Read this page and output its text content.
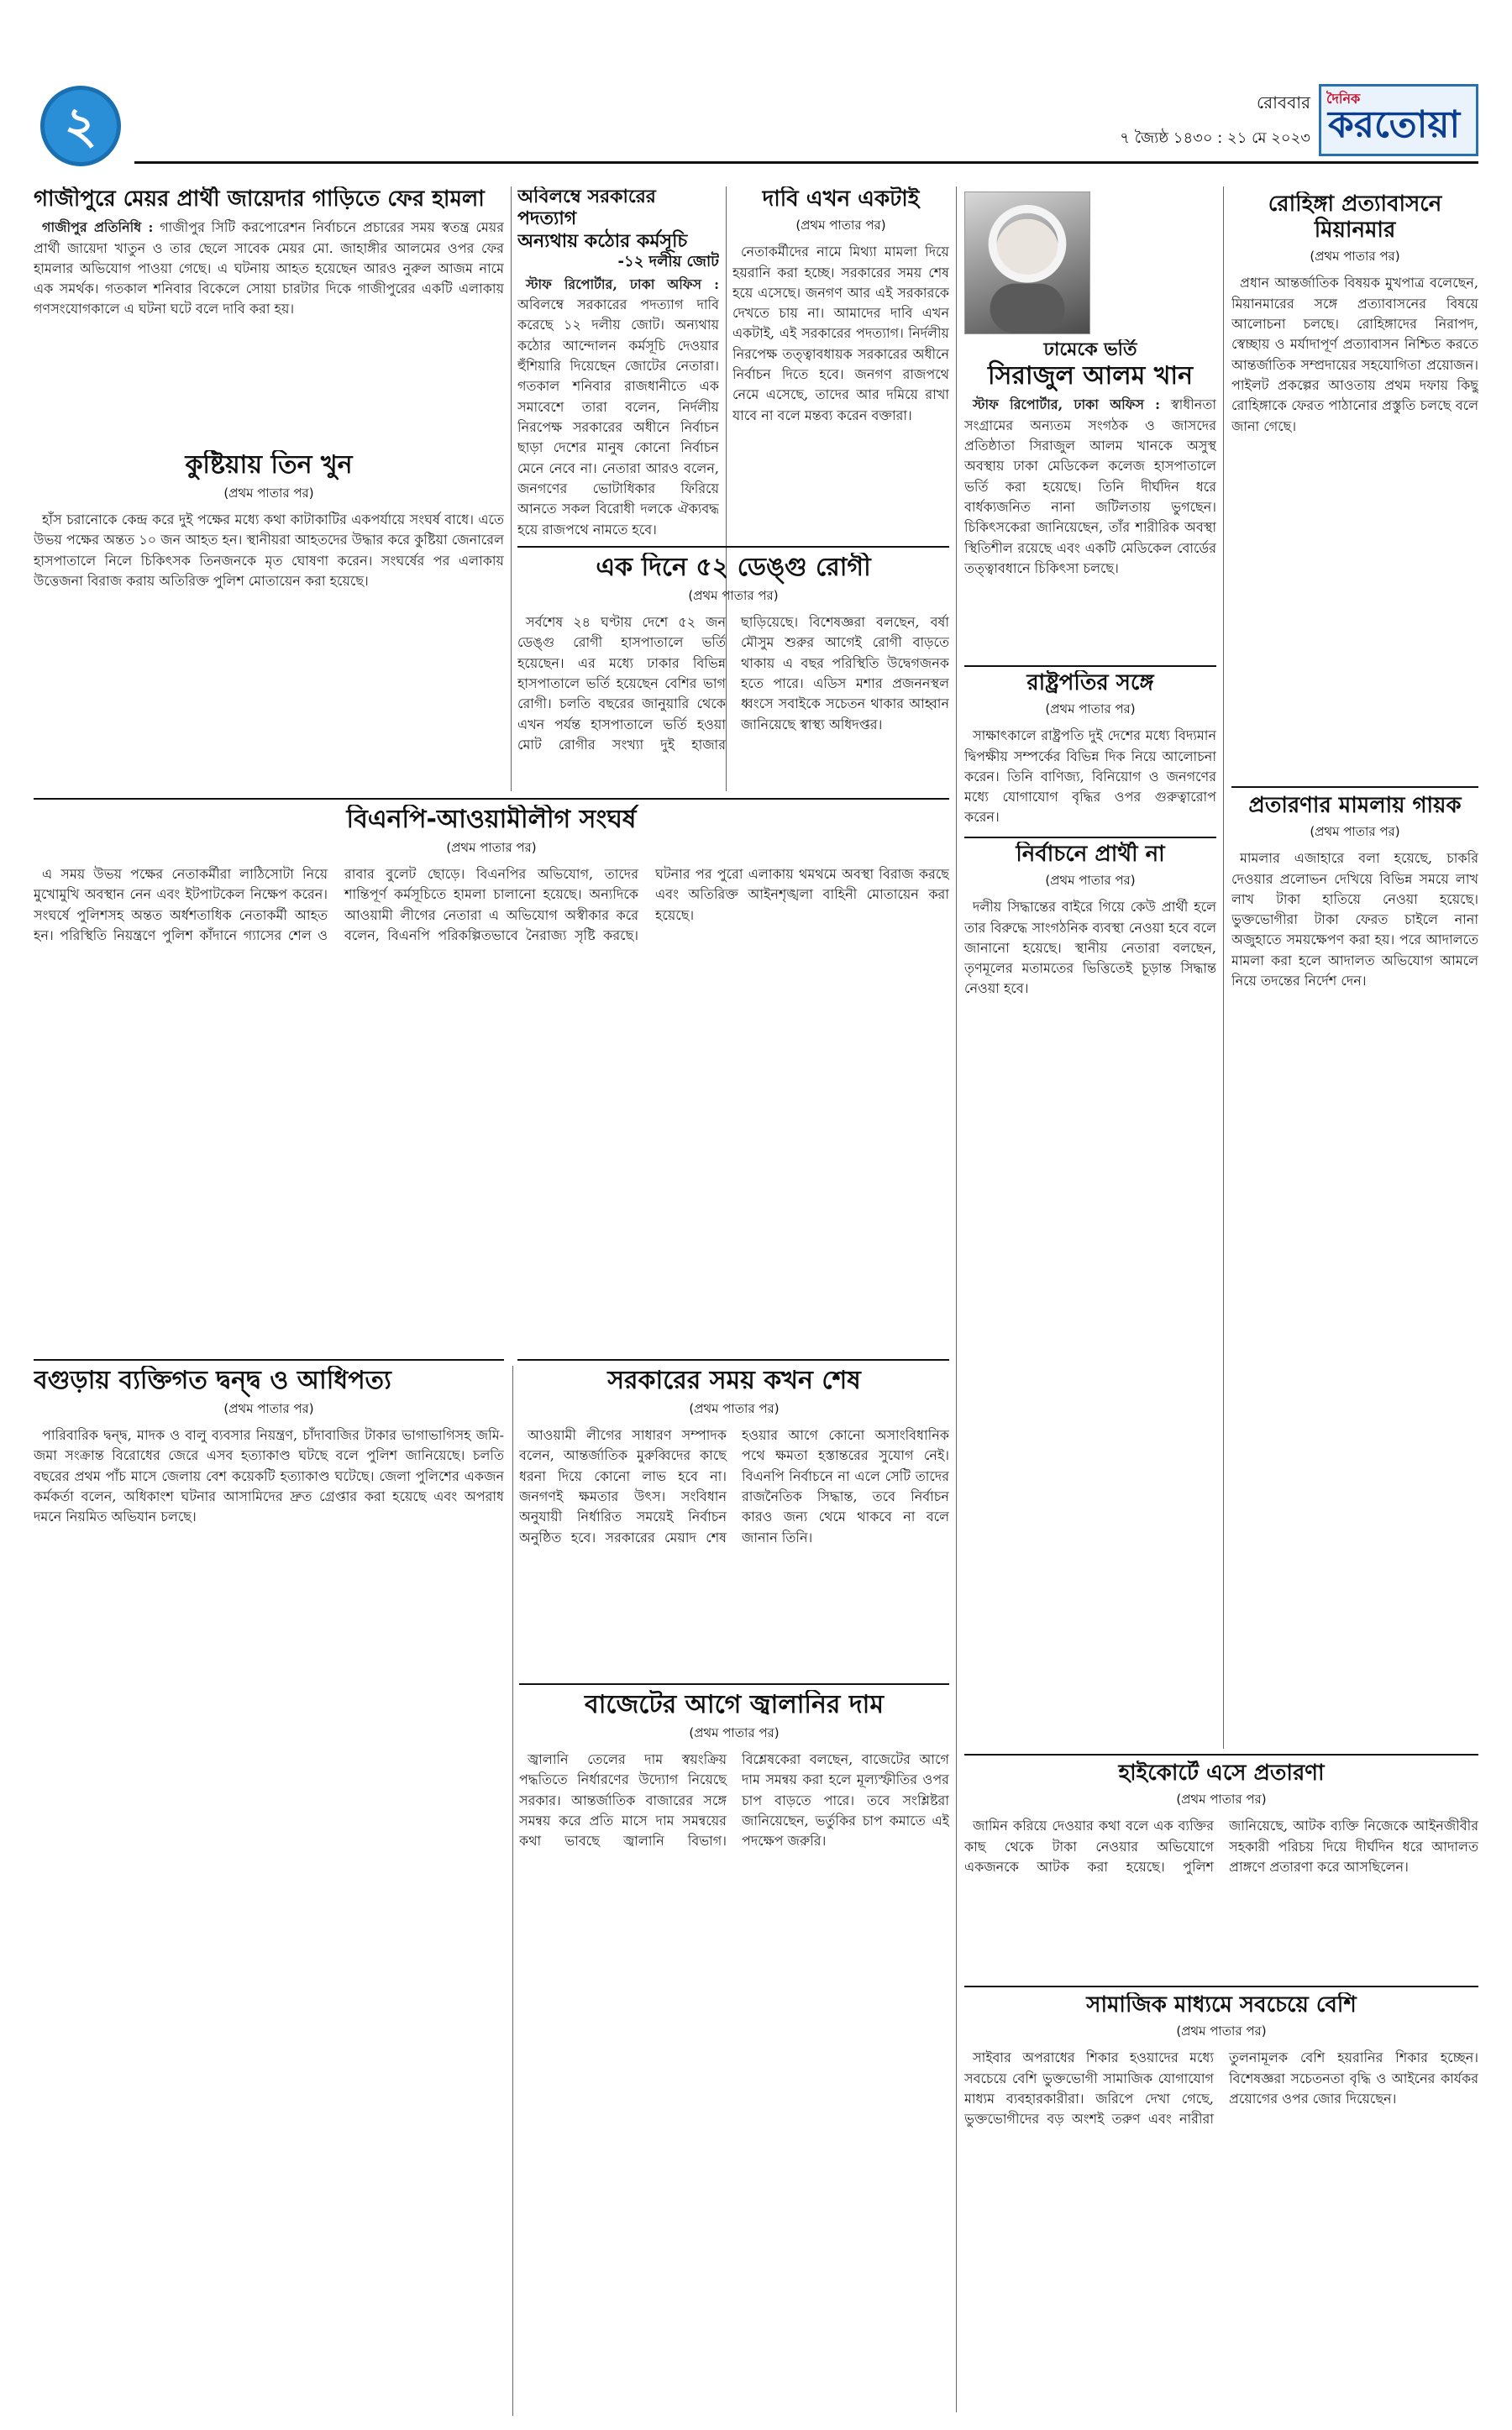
২	রোববার
৭ জ্যৈষ্ঠ ১৪৩০ : ২১ মে ২০২৩
দৈনিক
করতোয়া
গাজীপুরে মেয়র প্রার্থী জায়েদার গাড়িতে ফের হামলা

গাজীপুর প্রতিনিধি : গাজীপুর সিটি করপোরেশন নির্বাচনে প্রচারের সময় স্বতন্ত্র মেয়র প্রার্থী জায়েদা খাতুন ও তার ছেলে সাবেক মেয়র মো. জাহাঙ্গীর আলমের ওপর ফের হামলার অভিযোগ পাওয়া গেছে। এ ঘটনায় আহত হয়েছেন আরও নুরুল আজম নামে এক সমর্থক। গতকাল শনিবার বিকেলে সোয়া চারটার দিকে গাজীপুরের একটি এলাকায় গণসংযোগকালে এ ঘটনা ঘটে বলে দাবি করা হয়।

কুষ্টিয়ায় তিন খুন
(প্রথম পাতার পর)

হাঁস চরানোকে কেন্দ্র করে দুই পক্ষের মধ্যে কথা কাটাকাটির একপর্যায়ে সংঘর্ষ বাধে। এতে উভয় পক্ষের অন্তত ১০ জন আহত হন। স্থানীয়রা আহতদের উদ্ধার করে কুষ্টিয়া জেনারেল হাসপাতালে নিলে চিকিৎসক তিনজনকে মৃত ঘোষণা করেন। সংঘর্ষের পর এলাকায় উত্তেজনা বিরাজ করায় অতিরিক্ত পুলিশ মোতায়েন করা হয়েছে।

বিএনপি-আওয়ামীলীগ সংঘর্ষ
(প্রথম পাতার পর)

এ সময় উভয় পক্ষের নেতাকর্মীরা লাঠিসোটা নিয়ে মুখোমুখি অবস্থান নেন এবং ইটপাটকেল নিক্ষেপ করেন। সংঘর্ষে পুলিশসহ অন্তত অর্ধশতাধিক নেতাকর্মী আহত হন। পরিস্থিতি নিয়ন্ত্রণে পুলিশ কাঁদানে গ্যাসের শেল ও রাবার বুলেট ছোড়ে। বিএনপির অভিযোগ, তাদের শান্তিপূর্ণ কর্মসূচিতে হামলা চালানো হয়েছে। অন্যদিকে আওয়ামী লীগের নেতারা এ অভিযোগ অস্বীকার করে বলেন, বিএনপি পরিকল্পিতভাবে নৈরাজ্য সৃষ্টি করছে। ঘটনার পর পুরো এলাকায় থমথমে অবস্থা বিরাজ করছে এবং অতিরিক্ত আইনশৃঙ্খলা বাহিনী মোতায়েন করা হয়েছে।

বগুড়ায় ব্যক্তিগত দ্বন্দ্ব ও আধিপত্য
(প্রথম পাতার পর)

পারিবারিক দ্বন্দ্ব, মাদক ও বালু ব্যবসার নিয়ন্ত্রণ, চাঁদাবাজির টাকার ভাগাভাগিসহ জমি-জমা সংক্রান্ত বিরোধের জেরে এসব হত্যাকাণ্ড ঘটছে বলে পুলিশ জানিয়েছে। চলতি বছরের প্রথম পাঁচ মাসে জেলায় বেশ কয়েকটি হত্যাকাণ্ড ঘটেছে। জেলা পুলিশের একজন কর্মকর্তা বলেন, অধিকাংশ ঘটনার আসামিদের দ্রুত গ্রেপ্তার করা হয়েছে এবং অপরাধ দমনে নিয়মিত অভিযান চলছে।

অবিলম্বে সরকারের পদত্যাগ
অন্যথায় কঠোর কর্মসূচি
-১২ দলীয় জোট

স্টাফ রিপোর্টার, ঢাকা অফিস : অবিলম্বে সরকারের পদত্যাগ দাবি করেছে ১২ দলীয় জোট। অন্যথায় কঠোর আন্দোলন কর্মসূচি দেওয়ার হুঁশিয়ারি দিয়েছেন জোটের নেতারা। গতকাল শনিবার রাজধানীতে এক সমাবেশে তারা বলেন, নির্দলীয় নিরপেক্ষ সরকারের অধীনে নির্বাচন ছাড়া দেশের মানুষ কোনো নির্বাচন মেনে নেবে না। নেতারা আরও বলেন, জনগণের ভোটাধিকার ফিরিয়ে আনতে সকল বিরোধী দলকে ঐক্যবদ্ধ হয়ে রাজপথে নামতে হবে।

দাবি এখন একটাই
(প্রথম পাতার পর)

নেতাকর্মীদের নামে মিথ্যা মামলা দিয়ে হয়রানি করা হচ্ছে। সরকারের সময় শেষ হয়ে এসেছে। জনগণ আর এই সরকারকে দেখতে চায় না। আমাদের দাবি এখন একটাই, এই সরকারের পদত্যাগ। নির্দলীয় নিরপেক্ষ তত্ত্বাবধায়ক সরকারের অধীনে নির্বাচন দিতে হবে। জনগণ রাজপথে নেমে এসেছে, তাদের আর দমিয়ে রাখা যাবে না বলে মন্তব্য করেন বক্তারা।

এক দিনে ৫২ ডেঙ্গু রোগী
(প্রথম পাতার পর)

সর্বশেষ ২৪ ঘণ্টায় দেশে ৫২ জন ডেঙ্গু রোগী হাসপাতালে ভর্তি হয়েছেন। এর মধ্যে ঢাকার বিভিন্ন হাসপাতালে ভর্তি হয়েছেন বেশির ভাগ রোগী। চলতি বছরের জানুয়ারি থেকে এখন পর্যন্ত হাসপাতালে ভর্তি হওয়া মোট রোগীর সংখ্যা দুই হাজার ছাড়িয়েছে। বিশেষজ্ঞরা বলছেন, বর্ষা মৌসুম শুরুর আগেই রোগী বাড়তে থাকায় এ বছর পরিস্থিতি উদ্বেগজনক হতে পারে। এডিস মশার প্রজননস্থল ধ্বংসে সবাইকে সচেতন থাকার আহ্বান জানিয়েছে স্বাস্থ্য অধিদপ্তর।

সরকারের সময় কখন শেষ
(প্রথম পাতার পর)

আওয়ামী লীগের সাধারণ সম্পাদক বলেন, আন্তর্জাতিক মুরুব্বিদের কাছে ধরনা দিয়ে কোনো লাভ হবে না। জনগণই ক্ষমতার উৎস। সংবিধান অনুযায়ী নির্ধারিত সময়েই নির্বাচন অনুষ্ঠিত হবে। সরকারের মেয়াদ শেষ হওয়ার আগে কোনো অসাংবিধানিক পথে ক্ষমতা হস্তান্তরের সুযোগ নেই। বিএনপি নির্বাচনে না এলে সেটি তাদের রাজনৈতিক সিদ্ধান্ত, তবে নির্বাচন কারও জন্য থেমে থাকবে না বলে জানান তিনি।

বাজেটের আগে জ্বালানির দাম
(প্রথম পাতার পর)

জ্বালানি তেলের দাম স্বয়ংক্রিয় পদ্ধতিতে নির্ধারণের উদ্যোগ নিয়েছে সরকার। আন্তর্জাতিক বাজারের সঙ্গে সমন্বয় করে প্রতি মাসে দাম সমন্বয়ের কথা ভাবছে জ্বালানি বিভাগ। বিশ্লেষকেরা বলছেন, বাজেটের আগে দাম সমন্বয় করা হলে মূল্যস্ফীতির ওপর চাপ বাড়তে পারে। তবে সংশ্লিষ্টরা জানিয়েছেন, ভর্তুকির চাপ কমাতে এই পদক্ষেপ জরুরি।

ঢামেকে ভর্তি
সিরাজুল আলম খান

স্টাফ রিপোর্টার, ঢাকা অফিস : স্বাধীনতা সংগ্রামের অন্যতম সংগঠক ও জাসদের প্রতিষ্ঠাতা সিরাজুল আলম খানকে অসুস্থ অবস্থায় ঢাকা মেডিকেল কলেজ হাসপাতালে ভর্তি করা হয়েছে। তিনি দীর্ঘদিন ধরে বার্ধক্যজনিত নানা জটিলতায় ভুগছেন। চিকিৎসকেরা জানিয়েছেন, তাঁর শারীরিক অবস্থা স্থিতিশীল রয়েছে এবং একটি মেডিকেল বোর্ডের তত্ত্বাবধানে চিকিৎসা চলছে।

রাষ্ট্রপতির সঙ্গে
(প্রথম পাতার পর)

সাক্ষাৎকালে রাষ্ট্রপতি দুই দেশের মধ্যে বিদ্যমান দ্বিপক্ষীয় সম্পর্কের বিভিন্ন দিক নিয়ে আলোচনা করেন। তিনি বাণিজ্য, বিনিয়োগ ও জনগণের মধ্যে যোগাযোগ বৃদ্ধির ওপর গুরুত্বারোপ করেন।

নির্বাচনে প্রার্থী না
(প্রথম পাতার পর)

দলীয় সিদ্ধান্তের বাইরে গিয়ে কেউ প্রার্থী হলে তার বিরুদ্ধে সাংগঠনিক ব্যবস্থা নেওয়া হবে বলে জানানো হয়েছে। স্থানীয় নেতারা বলছেন, তৃণমূলের মতামতের ভিত্তিতেই চূড়ান্ত সিদ্ধান্ত নেওয়া হবে।

রোহিঙ্গা প্রত্যাবাসনে মিয়ানমার
(প্রথম পাতার পর)

প্রধান আন্তর্জাতিক বিষয়ক মুখপাত্র বলেছেন, মিয়ানমারের সঙ্গে প্রত্যাবাসনের বিষয়ে আলোচনা চলছে। রোহিঙ্গাদের নিরাপদ, স্বেচ্ছায় ও মর্যাদাপূর্ণ প্রত্যাবাসন নিশ্চিত করতে আন্তর্জাতিক সম্প্রদায়ের সহযোগিতা প্রয়োজন। পাইলট প্রকল্পের আওতায় প্রথম দফায় কিছু রোহিঙ্গাকে ফেরত পাঠানোর প্রস্তুতি চলছে বলে জানা গেছে।

প্রতারণার মামলায় গায়ক
(প্রথম পাতার পর)

মামলার এজাহারে বলা হয়েছে, চাকরি দেওয়ার প্রলোভন দেখিয়ে বিভিন্ন সময়ে লাখ লাখ টাকা হাতিয়ে নেওয়া হয়েছে। ভুক্তভোগীরা টাকা ফেরত চাইলে নানা অজুহাতে সময়ক্ষেপণ করা হয়। পরে আদালতে মামলা করা হলে আদালত অভিযোগ আমলে নিয়ে তদন্তের নির্দেশ দেন।

হাইকোর্টে এসে প্রতারণা
(প্রথম পাতার পর)

জামিন করিয়ে দেওয়ার কথা বলে এক ব্যক্তির কাছ থেকে টাকা নেওয়ার অভিযোগে একজনকে আটক করা হয়েছে। পুলিশ জানিয়েছে, আটক ব্যক্তি নিজেকে আইনজীবীর সহকারী পরিচয় দিয়ে দীর্ঘদিন ধরে আদালত প্রাঙ্গণে প্রতারণা করে আসছিলেন।

সামাজিক মাধ্যমে সবচেয়ে বেশি
(প্রথম পাতার পর)

সাইবার অপরাধের শিকার হওয়াদের মধ্যে সবচেয়ে বেশি ভুক্তভোগী সামাজিক যোগাযোগ মাধ্যম ব্যবহারকারীরা। জরিপে দেখা গেছে, ভুক্তভোগীদের বড় অংশই তরুণ এবং নারীরা তুলনামূলক বেশি হয়রানির শিকার হচ্ছেন। বিশেষজ্ঞরা সচেতনতা বৃদ্ধি ও আইনের কার্যকর প্রয়োগের ওপর জোর দিয়েছেন।
